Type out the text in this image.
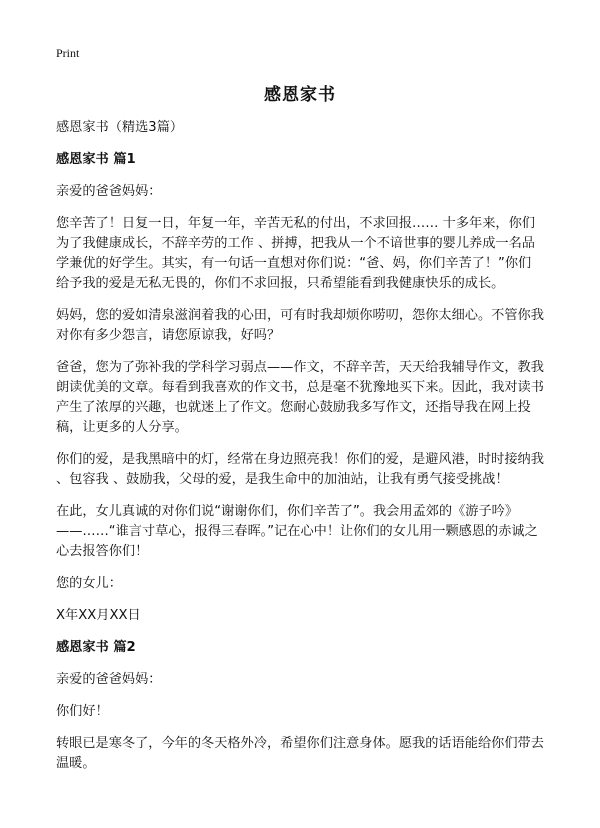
Print
感恩家书

感恩家书（精选3篇）

感恩家书 篇1

亲爱的爸爸妈妈：

您辛苦了！日复一日，年复一年，辛苦无私的付出，不求回报…… 十多年来，你们为了我健康成长，不辞辛劳的工作 、拼搏，把我从一个不谙世事的婴儿养成一名品学兼优的好学生。其实，有一句话一直想对你们说：“爸、妈，你们辛苦了！”你们给予我的爱是无私无畏的，你们不求回报，只希望能看到我健康快乐的成长。

妈妈，您的爱如清泉滋润着我的心田，可有时我却烦你唠叨，怨你太细心。不管你我对你有多少怨言，请您原谅我，好吗？

爸爸，您为了弥补我的学科学习弱点——作文，不辞辛苦，天天给我辅导作文，教我朗读优美的文章。每看到我喜欢的作文书，总是毫不犹豫地买下来。因此，我对读书产生了浓厚的兴趣，也就迷上了作文。您耐心鼓励我多写作文，还指导我在网上投稿，让更多的人分享。

你们的爱，是我黑暗中的灯，经常在身边照亮我！你们的爱，是避风港，时时接纳我 、包容我 、鼓励我，父母的爱，是我生命中的加油站，让我有勇气接受挑战！

在此，女儿真诚的对你们说“谢谢你们，你们辛苦了”。我会用孟郊的《游子吟》——……“谁言寸草心，报得三春晖。”记在心中！让你们的女儿用一颗感恩的赤诚之心去报答你们！

您的女儿：

X年XX月XX日

感恩家书 篇2

亲爱的爸爸妈妈：

你们好！

转眼已是寒冬了，今年的冬天格外冷，希望你们注意身体。愿我的话语能给你们带去温暖。
